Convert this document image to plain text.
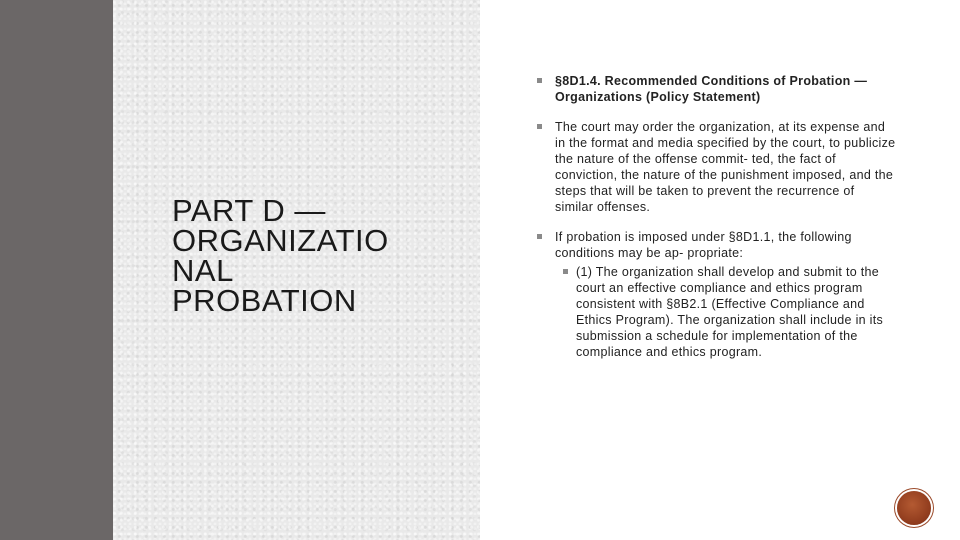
PART D —
ORGANIZATIO
NAL
PROBATION
§8D1.4. Recommended Conditions of Probation — Organizations (Policy Statement)
The court may order the organization, at its expense and in the format and media specified by the court, to publicize the nature of the offense commit- ted, the fact of conviction, the nature of the punishment imposed, and the steps that will be taken to prevent the recurrence of similar offenses.
If probation is imposed under §8D1.1, the following conditions may be ap- propriate:
(1) The organization shall develop and submit to the court an effective compliance and ethics program consistent with §8B2.1 (Effective Compliance and Ethics Program). The organization shall include in its submission a schedule for implementation of the compliance and ethics program.
